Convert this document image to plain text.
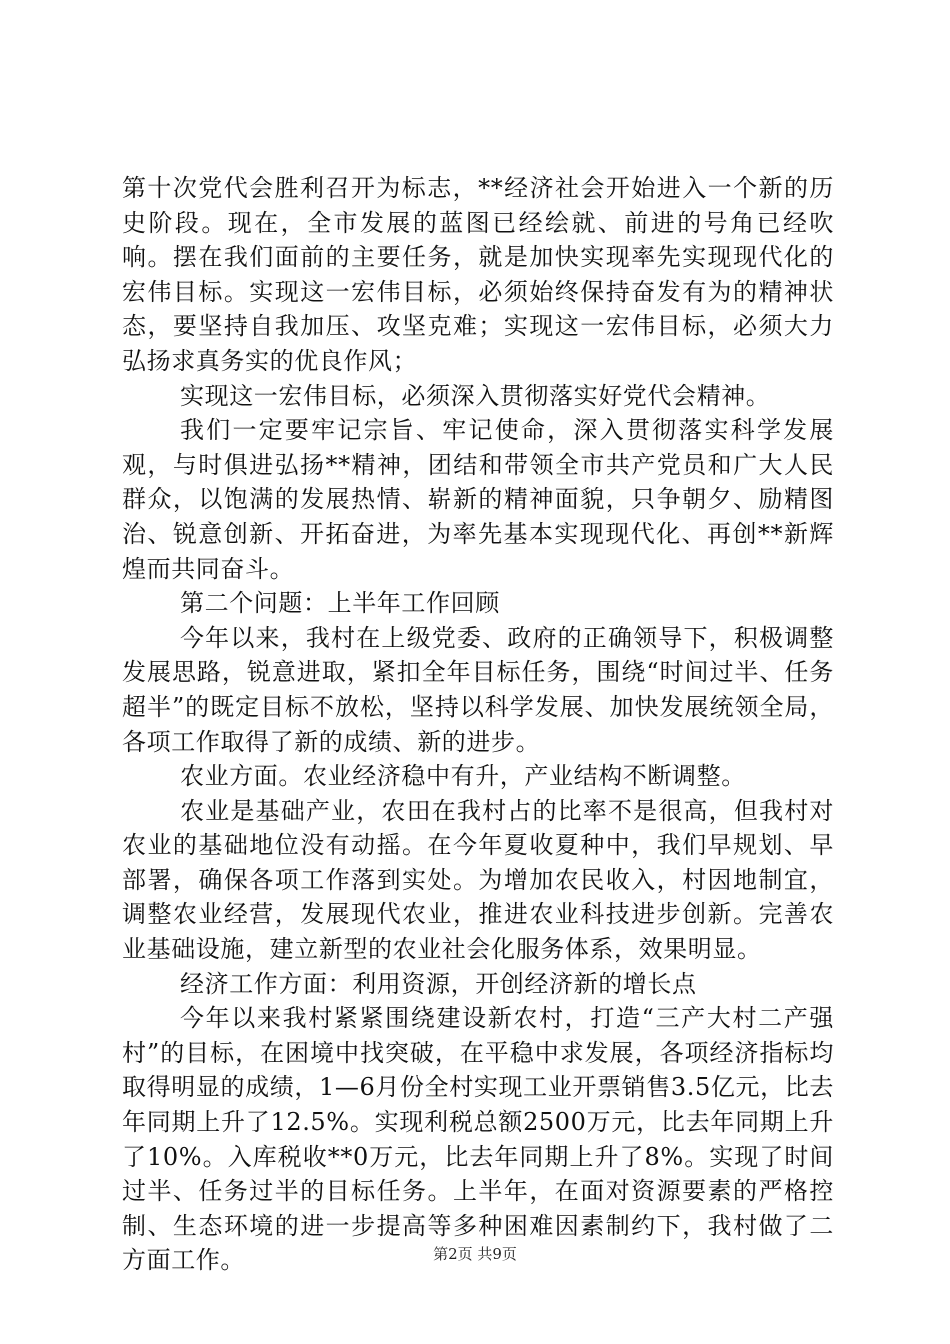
第十次党代会胜利召开为标志，**经济社会开始进入一个新的历史阶段。现在，全市发展的蓝图已经绘就、前进的号角已经吹响。摆在我们面前的主要任务，就是加快实现率先实现现代化的宏伟目标。实现这一宏伟目标，必须始终保持奋发有为的精神状态，要坚持自我加压、攻坚克难；实现这一宏伟目标，必须大力弘扬求真务实的优良作风；

实现这一宏伟目标，必须深入贯彻落实好党代会精神。

我们一定要牢记宗旨、牢记使命，深入贯彻落实科学发展观，与时俱进弘扬**精神，团结和带领全市共产党员和广大人民群众，以饱满的发展热情、崭新的精神面貌，只争朝夕、励精图治、锐意创新、开拓奋进，为率先基本实现现代化、再创**新辉煌而共同奋斗。

第二个问题：上半年工作回顾

今年以来，我村在上级党委、政府的正确领导下，积极调整发展思路，锐意进取，紧扣全年目标任务，围绕“时间过半、任务超半”的既定目标不放松，坚持以科学发展、加快发展统领全局，各项工作取得了新的成绩、新的进步。

农业方面。农业经济稳中有升，产业结构不断调整。

农业是基础产业，农田在我村占的比率不是很高，但我村对农业的基础地位没有动摇。在今年夏收夏种中，我们早规划、早部署，确保各项工作落到实处。为增加农民收入，村因地制宜，调整农业经营，发展现代农业，推进农业科技进步创新。完善农业基础设施，建立新型的农业社会化服务体系，效果明显。

经济工作方面：利用资源，开创经济新的增长点

今年以来我村紧紧围绕建设新农村，打造“三产大村二产强村”的目标，在困境中找突破，在平稳中求发展，各项经济指标均取得明显的成绩，1—6月份全村实现工业开票销售3.5亿元，比去年同期上升了12.5%。实现利税总额2500万元，比去年同期上升了10%。入库税收**0万元，比去年同期上升了8%。实现了时间过半、任务过半的目标任务。上半年，在面对资源要素的严格控制、生态环境的进一步提高等多种困难因素制约下，我村做了二方面工作。	第2页 共9页
